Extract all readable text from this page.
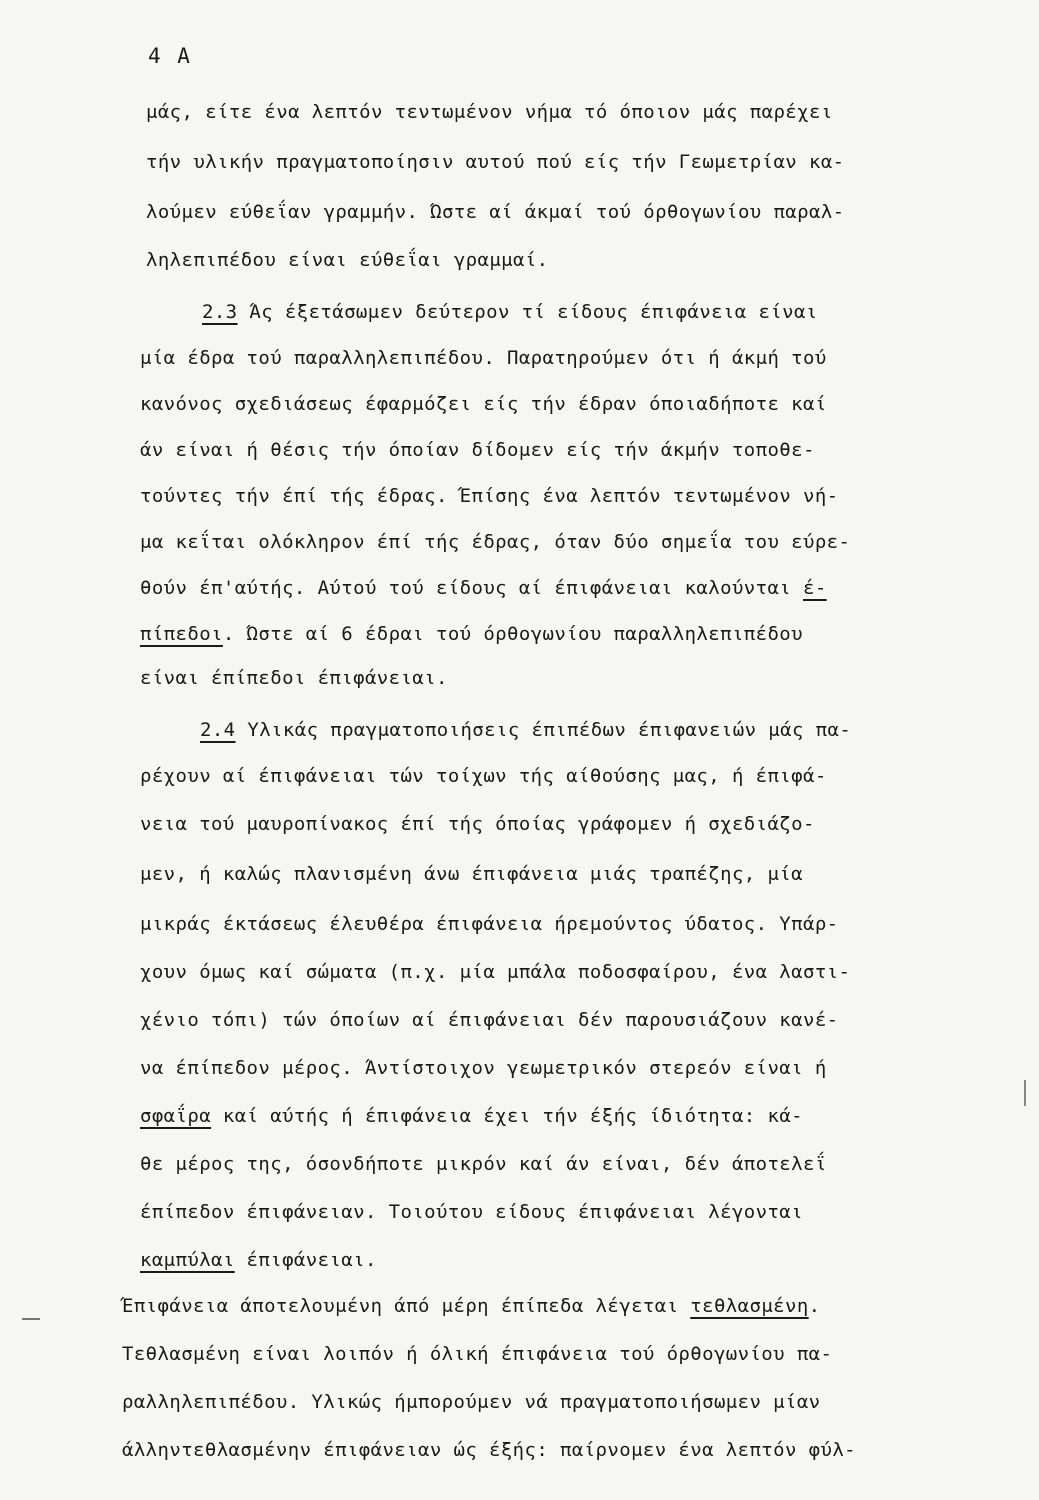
4 A
μάς, είτε ένα λεπτόν τεντωμένον νήμα τό όποιον μάς παρέχει
τήν υλικήν πραγματοποίησιν αυτού πού είς τήν Γεωμετρίαν κα-
λούμεν εύθεΐαν γραμμήν. Ώστε αί άκμαί τού όρθογωνίου παραλ-
ληλεπιπέδου είναι εύθεΐαι γραμμαί.
2.3 Άς έξετάσωμεν δεύτερον τί είδους έπιφάνεια είναι
μία έδρα τού παραλληλεπιπέδου. Παρατηρούμεν ότι ή άκμή τού
κανόνος σχεδιάσεως έφαρμόζει είς τήν έδραν όποιαδήποτε καί
άν είναι ή θέσις τήν όποίαν δίδομεν είς τήν άκμήν τοποθε-
τούντες τήν έπί τής έδρας. Έπίσης ένα λεπτόν τεντωμένον νή-
μα κεΐται ολόκληρον έπί τής έδρας, όταν δύο σημεΐα του εύρε-
θούν έπ'αύτής. Αύτού τού είδους αί έπιφάνειαι καλούνται έ-
πίπεδοι. Ώστε αί 6 έδραι τού όρθογωνίου παραλληλεπιπέδου
είναι έπίπεδοι έπιφάνειαι.
2.4 Υλικάς πραγματοποιήσεις έπιπέδων έπιφανειών μάς πα-
ρέχουν αί έπιφάνειαι τών τοίχων τής αίθούσης μας, ή έπιφά-
νεια τού μαυροπίνακος έπί τής όποίας γράφομεν ή σχεδιάζο-
μεν, ή καλώς πλανισμένη άνω έπιφάνεια μιάς τραπέζης, μία
μικράς έκτάσεως έλευθέρα έπιφάνεια ήρεμούντος ύδατος. Υπάρ-
χουν όμως καί σώματα (π.χ. μία μπάλα ποδοσφαίρου, ένα λαστι-
χένιο τόπι) τών όποίων αί έπιφάνειαι δέν παρουσιάζουν κανέ-
να έπίπεδον μέρος. Άντίστοιχον γεωμετρικόν στερεόν είναι ή
σφαΐρα καί αύτής ή έπιφάνεια έχει τήν έξής ίδιότητα: κά-
θε μέρος της, όσονδήποτε μικρόν καί άν είναι, δέν άποτελεΐ
έπίπεδον έπιφάνειαν. Τοιούτου είδους έπιφάνειαι λέγονται
καμπύλαι έπιφάνειαι.
Έπιφάνεια άποτελουμένη άπό μέρη έπίπεδα λέγεται τεθλασμένη.
Τεθλασμένη είναι λοιπόν ή όλική έπιφάνεια τού όρθογωνίου πα-
ραλληλεπιπέδου. Υλικώς ήμπορούμεν νά πραγματοποιήσωμεν μίαν
άλληντεθλασμένην έπιφάνειαν ώς έξής: παίρνομεν ένα λεπτόν φύλ-
